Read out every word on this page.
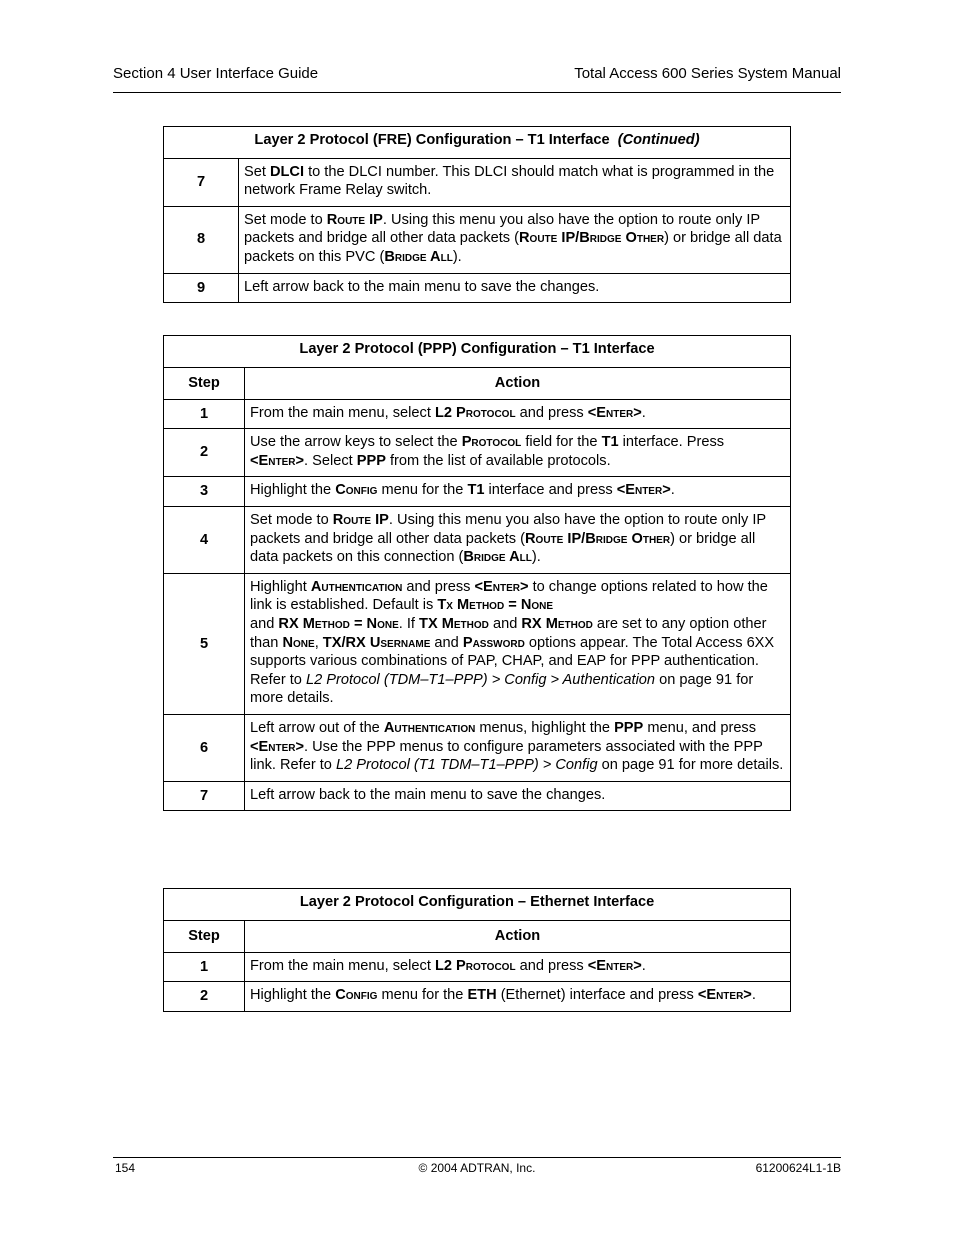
Section 4 User Interface Guide	Total Access 600 Series System Manual
Layer 2 Protocol (FRE) Configuration – T1 Interface (Continued)	
7	Set DLCI to the DLCI number. This DLCI should match what is programmed in the network Frame Relay switch.
8	Set mode to Route IP. Using this menu you also have the option to route only IP packets and bridge all other data packets (Route IP/Bridge Other) or bridge all data packets on this PVC (Bridge All).
9	Left arrow back to the main menu to save the changes.
Layer 2 Protocol (PPP) Configuration – T1 Interface	
Step	Action
1	From the main menu, select L2 Protocol and press <Enter>.
2	Use the arrow keys to select the Protocol field for the T1 interface. Press <Enter>. Select PPP from the list of available protocols.
3	Highlight the Config menu for the T1 interface and press <Enter>.
4	Set mode to Route IP. Using this menu you also have the option to route only IP packets and bridge all other data packets (Route IP/Bridge Other) or bridge all data packets on this connection (Bridge All).
5	Highlight Authentication and press <Enter> to change options related to how the link is established. Default is Tx Method = None
and RX Method = None. If TX Method and RX Method are set to any option other than None, TX/RX Username and Password options appear. The Total Access 6XX supports various combinations of PAP, CHAP, and EAP for PPP authentication. Refer to L2 Protocol (TDM–T1–PPP) > Config > Authentication on page 91 for more details.
6	Left arrow out of the Authentication menus, highlight the PPP menu, and press <Enter>. Use the PPP menus to configure parameters associated with the PPP link. Refer to L2 Protocol (T1 TDM–T1–PPP) > Config on page 91 for more details.
7	Left arrow back to the main menu to save the changes.
Layer 2 Protocol Configuration – Ethernet Interface	
Step	Action
1	From the main menu, select L2 Protocol and press <Enter>.
2	Highlight the Config menu for the ETH (Ethernet) interface and press <Enter>.
154	© 2004 ADTRAN, Inc.	61200624L1-1B
